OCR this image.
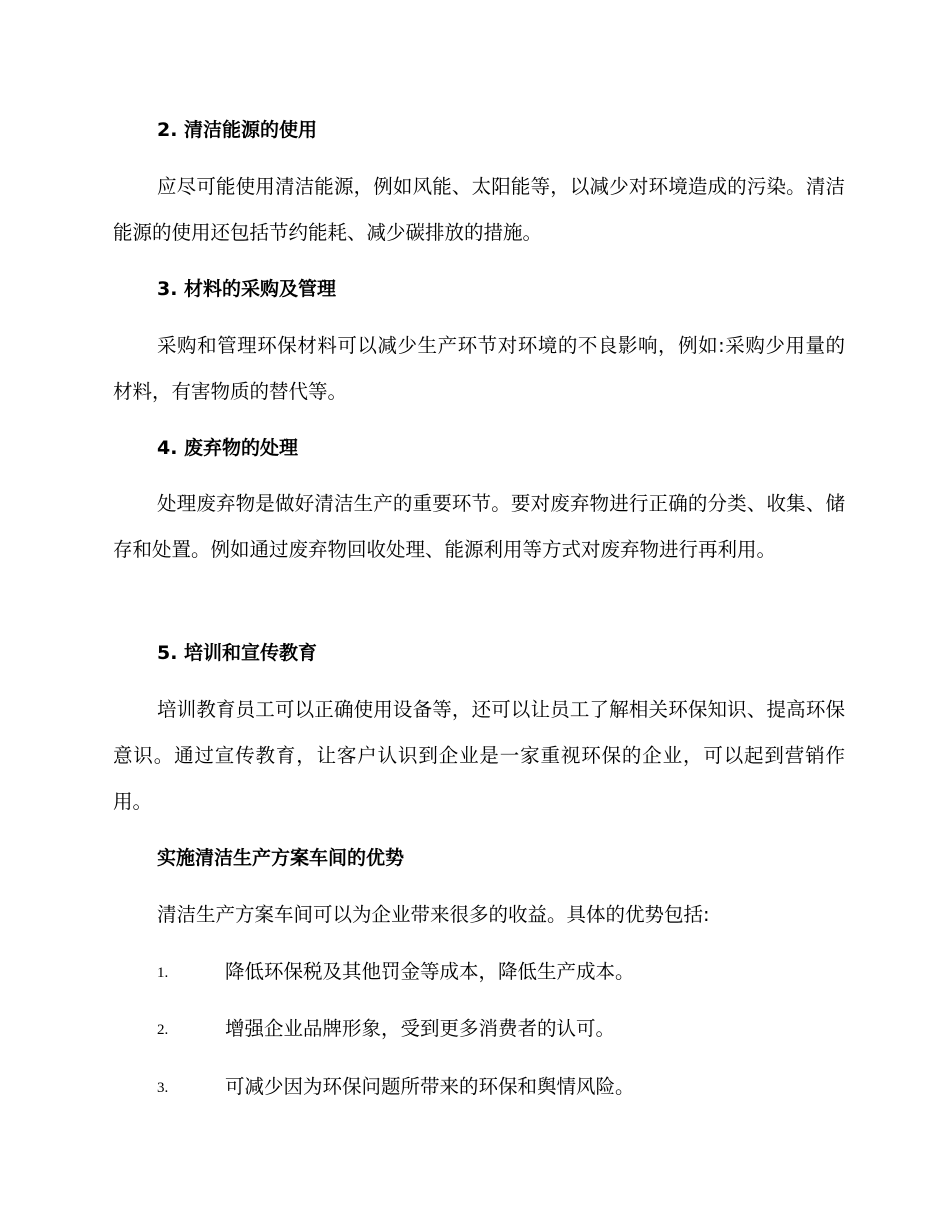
2. 清洁能源的使用

应尽可能使用清洁能源，例如风能、太阳能等，以减少对环境造成的污染。清洁能源的使用还包括节约能耗、减少碳排放的措施。

3. 材料的采购及管理

采购和管理环保材料可以减少生产环节对环境的不良影响，例如:采购少用量的材料，有害物质的替代等。

4. 废弃物的处理

处理废弃物是做好清洁生产的重要环节。要对废弃物进行正确的分类、收集、储存和处置。例如通过废弃物回收处理、能源利用等方式对废弃物进行再利用。

5. 培训和宣传教育

培训教育员工可以正确使用设备等，还可以让员工了解相关环保知识、提高环保意识。通过宣传教育，让客户认识到企业是一家重视环保的企业，可以起到营销作用。

实施清洁生产方案车间的优势
清洁生产方案车间可以为企业带来很多的收益。具体的优势包括:
1.	降低环保税及其他罚金等成本，降低生产成本。
2.	增强企业品牌形象，受到更多消费者的认可。
3.	可减少因为环保问题所带来的环保和舆情风险。
